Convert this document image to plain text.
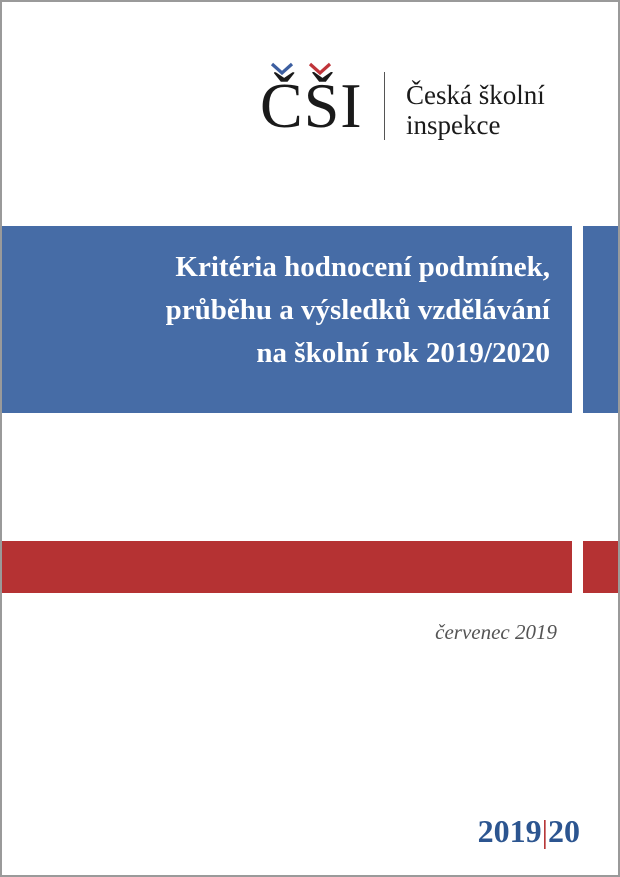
ČŠI Česká školní
inspekce
Kritéria hodnocení podmínek,
průběhu a výsledků vzdělávání
na školní rok 2019/2020
červenec 2019
2019|20
